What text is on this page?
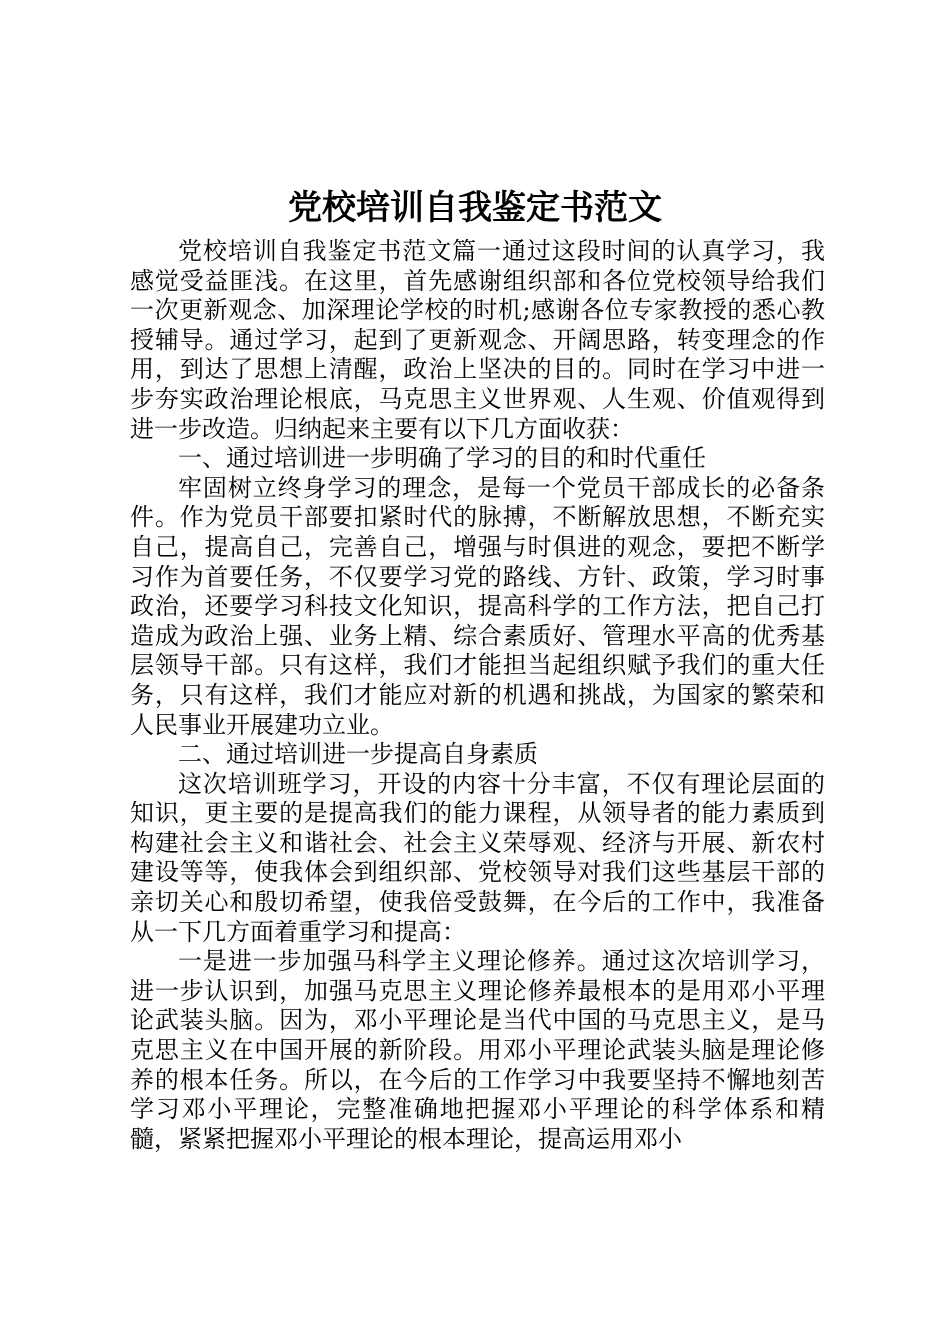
党校培训自我鉴定书范文

党校培训自我鉴定书范文篇一通过这段时间的认真学习，我感觉受益匪浅。在这里，首先感谢组织部和各位党校领导给我们一次更新观念、加深理论学校的时机;感谢各位专家教授的悉心教授辅导。通过学习，起到了更新观念、开阔思路，转变理念的作用，到达了思想上清醒，政治上坚决的目的。同时在学习中进一步夯实政治理论根底，马克思主义世界观、人生观、价值观得到进一步改造。归纳起来主要有以下几方面收获：

一、通过培训进一步明确了学习的目的和时代重任

牢固树立终身学习的理念，是每一个党员干部成长的必备条件。作为党员干部要扣紧时代的脉搏，不断解放思想，不断充实自己，提高自己，完善自己，增强与时俱进的观念，要把不断学习作为首要任务，不仅要学习党的路线、方针、政策，学习时事政治，还要学习科技文化知识，提高科学的工作方法，把自己打造成为政治上强、业务上精、综合素质好、管理水平高的优秀基层领导干部。只有这样，我们才能担当起组织赋予我们的重大任务，只有这样，我们才能应对新的机遇和挑战，为国家的繁荣和人民事业开展建功立业。

二、通过培训进一步提高自身素质

这次培训班学习，开设的内容十分丰富，不仅有理论层面的知识，更主要的是提高我们的能力课程，从领导者的能力素质到构建社会主义和谐社会、社会主义荣辱观、经济与开展、新农村建设等等，使我体会到组织部、党校领导对我们这些基层干部的亲切关心和殷切希望，使我倍受鼓舞，在今后的工作中，我准备从一下几方面着重学习和提高：

一是进一步加强马科学主义理论修养。通过这次培训学习，进一步认识到，加强马克思主义理论修养最根本的是用邓小平理论武装头脑。因为，邓小平理论是当代中国的马克思主义，是马克思主义在中国开展的新阶段。用邓小平理论武装头脑是理论修养的根本任务。所以，在今后的工作学习中我要坚持不懈地刻苦学习邓小平理论，完整准确地把握邓小平理论的科学体系和精髓，紧紧把握邓小平理论的根本理论，提高运用邓小
